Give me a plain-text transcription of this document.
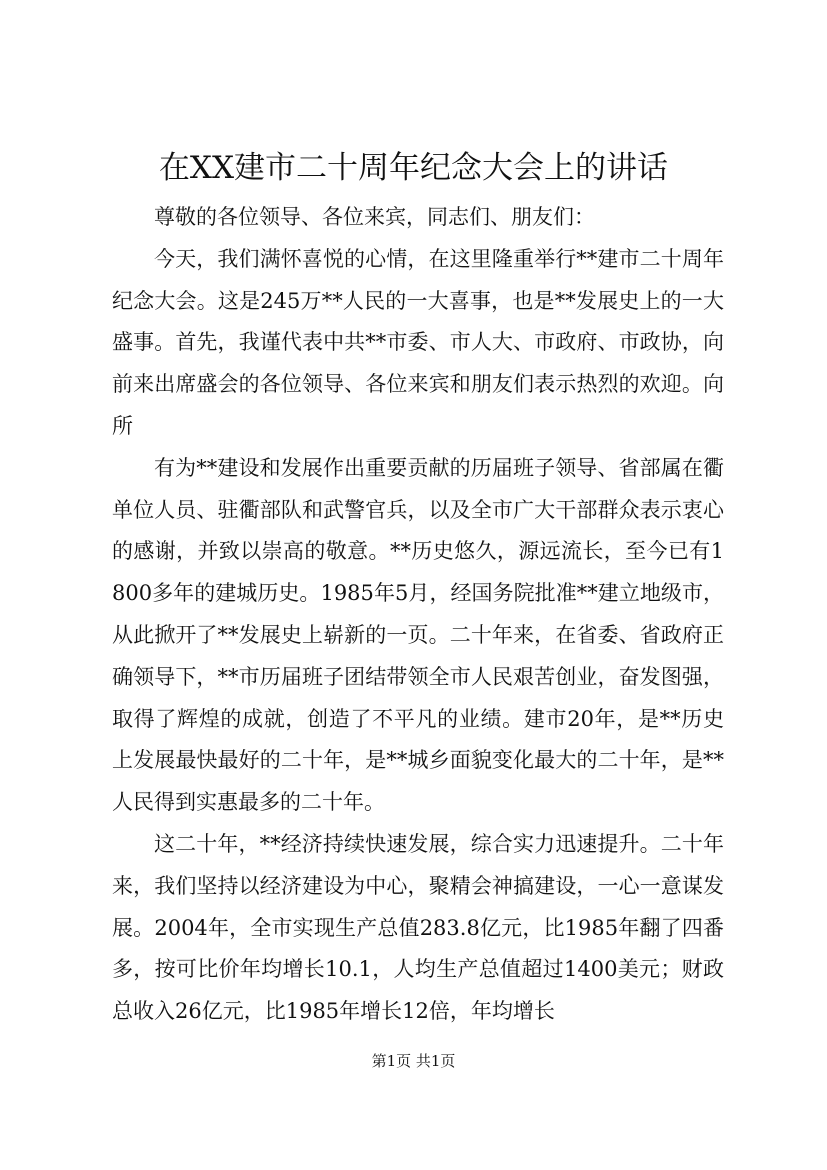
在XX建市二十周年纪念大会上的讲话

尊敬的各位领导、各位来宾，同志们、朋友们：

今天，我们满怀喜悦的心情，在这里隆重举行**建市二十周年纪念大会。这是245万**人民的一大喜事，也是**发展史上的一大盛事。首先，我谨代表中共**市委、市人大、市政府、市政协，向前来出席盛会的各位领导、各位来宾和朋友们表示热烈的欢迎。向所

有为**建设和发展作出重要贡献的历届班子领导、省部属在衢单位人员、驻衢部队和武警官兵，以及全市广大干部群众表示衷心的感谢，并致以崇高的敬意。**历史悠久，源远流长，至今已有1800多年的建城历史。1985年5月，经国务院批准**建立地级市，从此掀开了**发展史上崭新的一页。二十年来，在省委、省政府正确领导下，**市历届班子团结带领全市人民艰苦创业，奋发图强，取得了辉煌的成就，创造了不平凡的业绩。建市20年，是**历史上发展最快最好的二十年，是**城乡面貌变化最大的二十年，是**人民得到实惠最多的二十年。

这二十年，**经济持续快速发展，综合实力迅速提升。二十年来，我们坚持以经济建设为中心，聚精会神搞建设，一心一意谋发展。2004年，全市实现生产总值283.8亿元，比1985年翻了四番多，按可比价年均增长10.1，人均生产总值超过1400美元；财政总收入26亿元，比1985年增长12倍，年均增长

第1页 共1页
